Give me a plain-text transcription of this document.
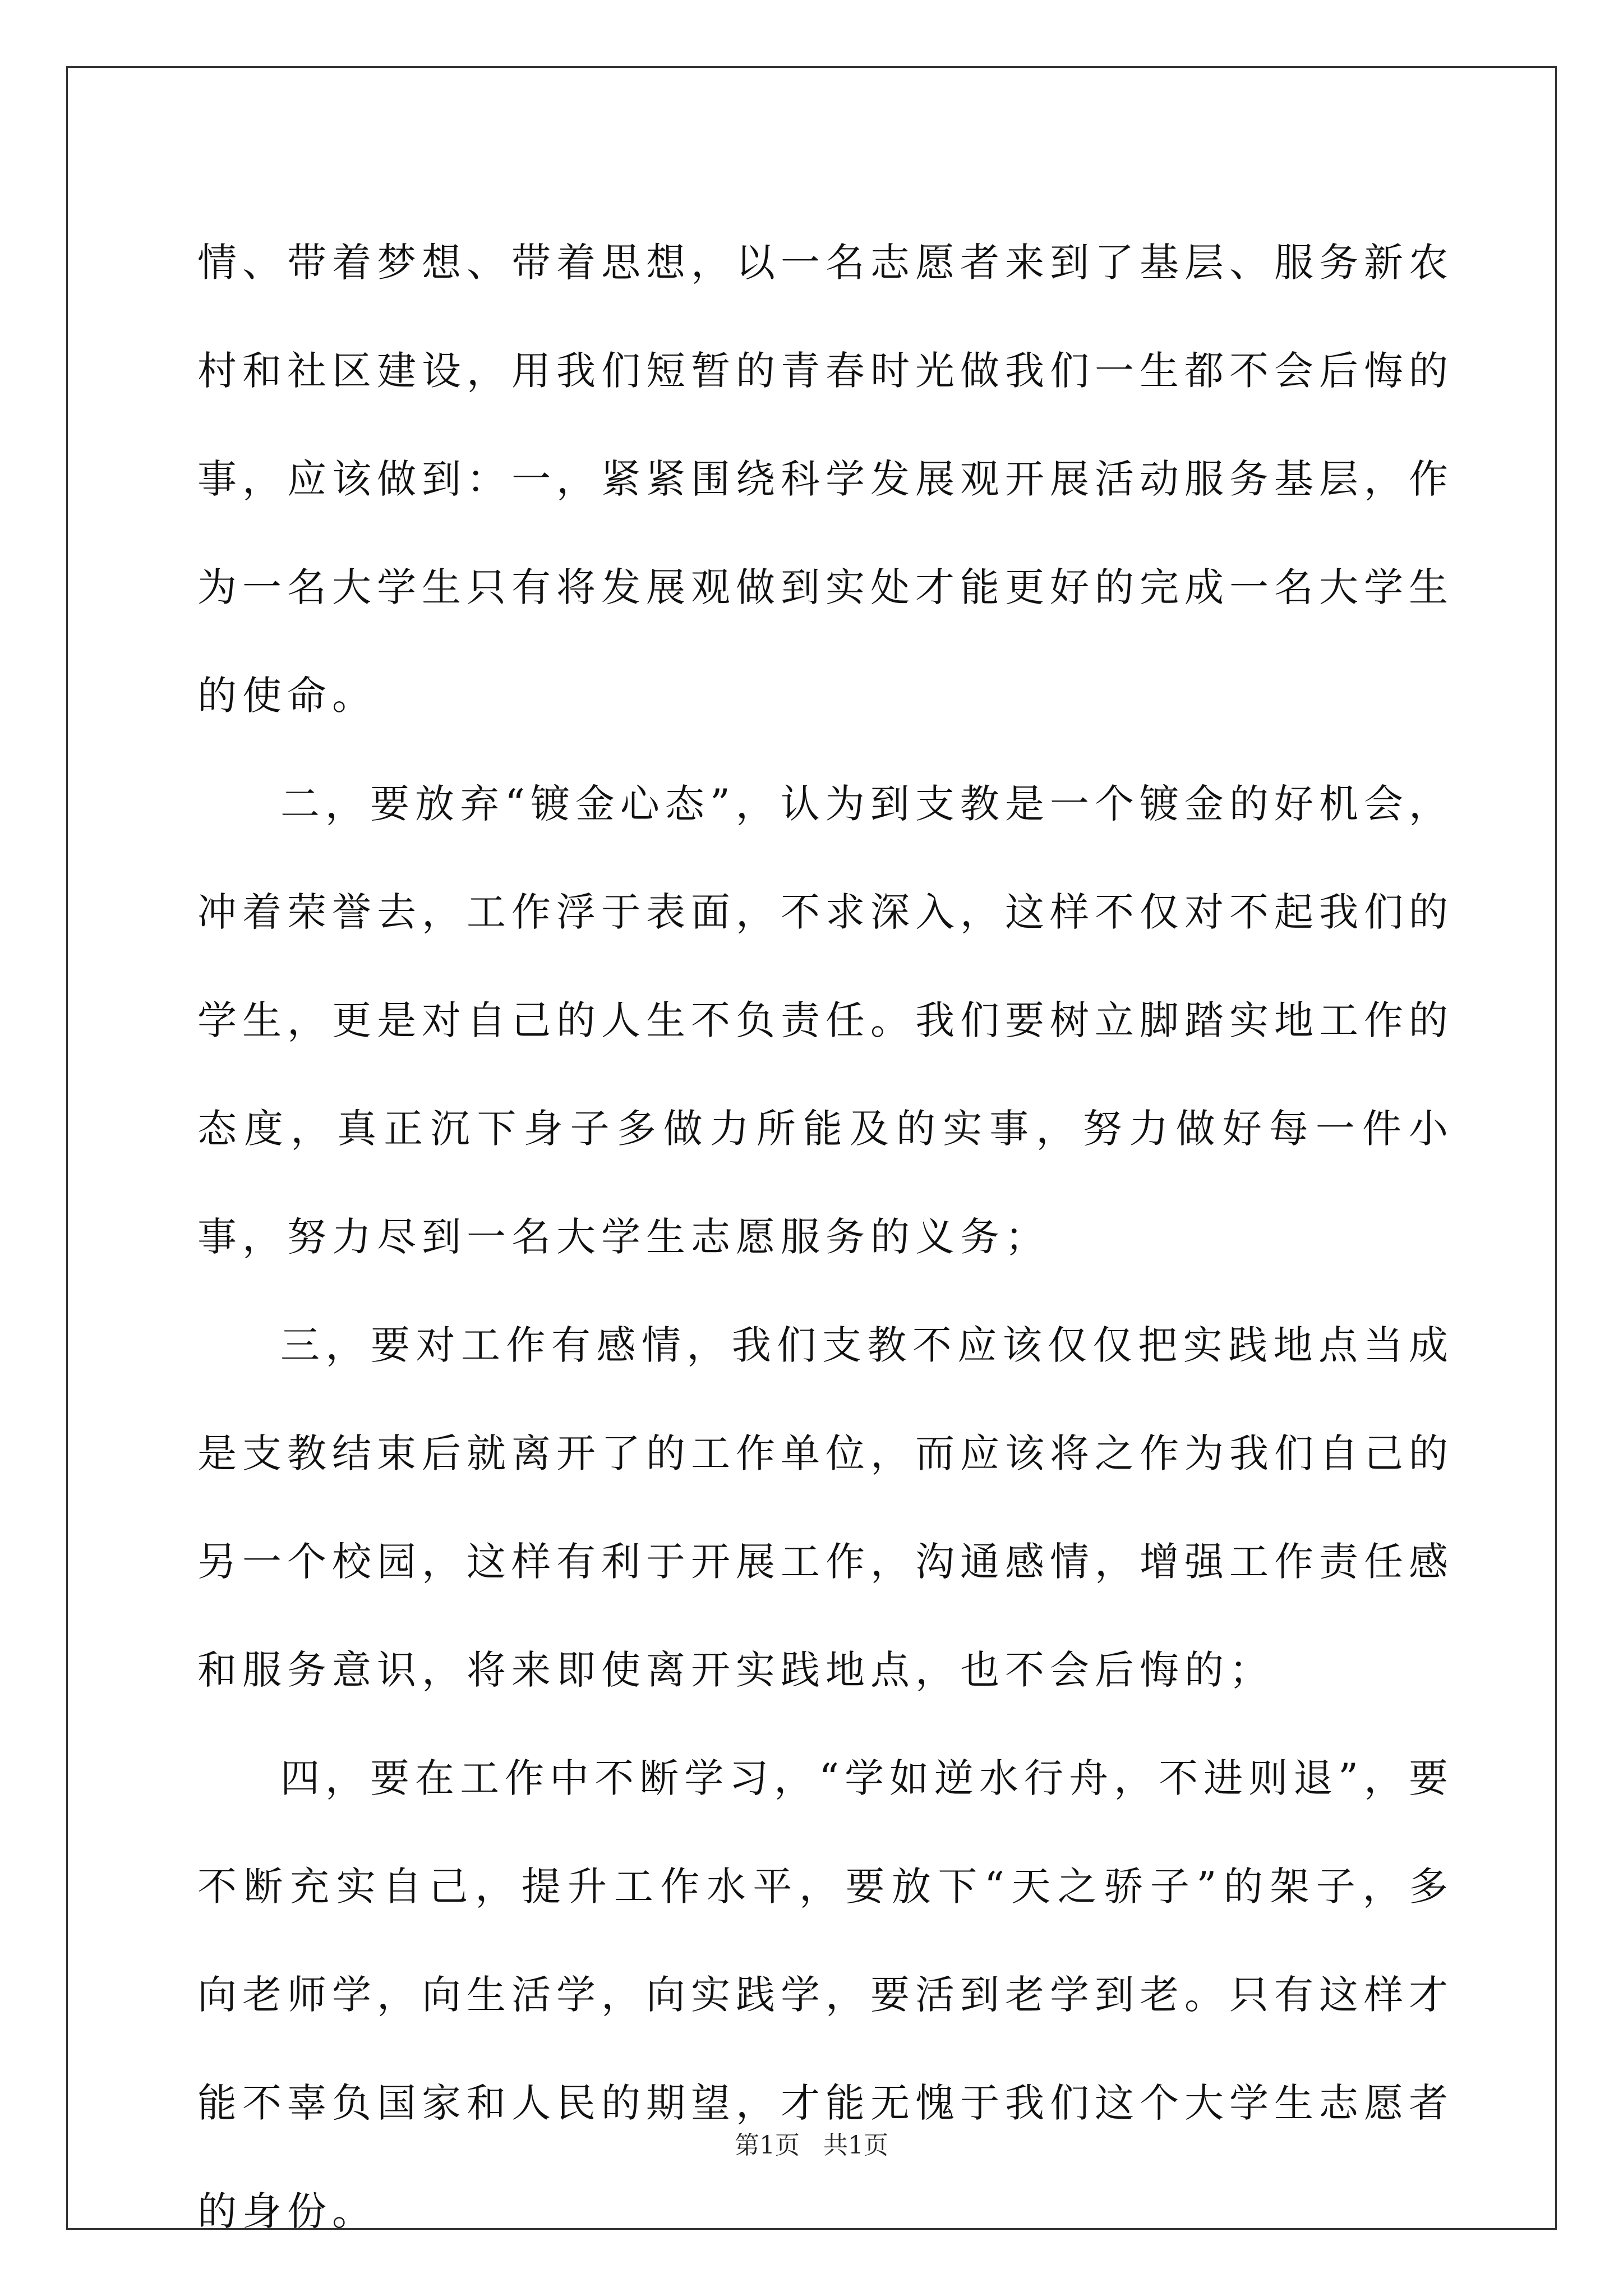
情、带着梦想、带着思想，以一名志愿者来到了基层、服务新农村和社区建设，用我们短暂的青春时光做我们一生都不会后悔的事，应该做到：一，紧紧围绕科学发展观开展活动服务基层，作为一名大学生只有将发展观做到实处才能更好的完成一名大学生的使命。

二，要放弃“镀金心态”，认为到支教是一个镀金的好机会，冲着荣誉去，工作浮于表面，不求深入，这样不仅对不起我们的学生，更是对自己的人生不负责任。我们要树立脚踏实地工作的态度，真正沉下身子多做力所能及的实事，努力做好每一件小事，努力尽到一名大学生志愿服务的义务；

三，要对工作有感情，我们支教不应该仅仅把实践地点当成是支教结束后就离开了的工作单位，而应该将之作为我们自己的另一个校园，这样有利于开展工作，沟通感情，增强工作责任感和服务意识，将来即使离开实践地点，也不会后悔的；

四，要在工作中不断学习，“学如逆水行舟，不进则退”，要不断充实自己，提升工作水平，要放下“天之骄子”的架子，多向老师学，向生活学，向实践学，要活到老学到老。只有这样才能不辜负国家和人民的期望，才能无愧于我们这个大学生志愿者的身份。

第1页 共1页
